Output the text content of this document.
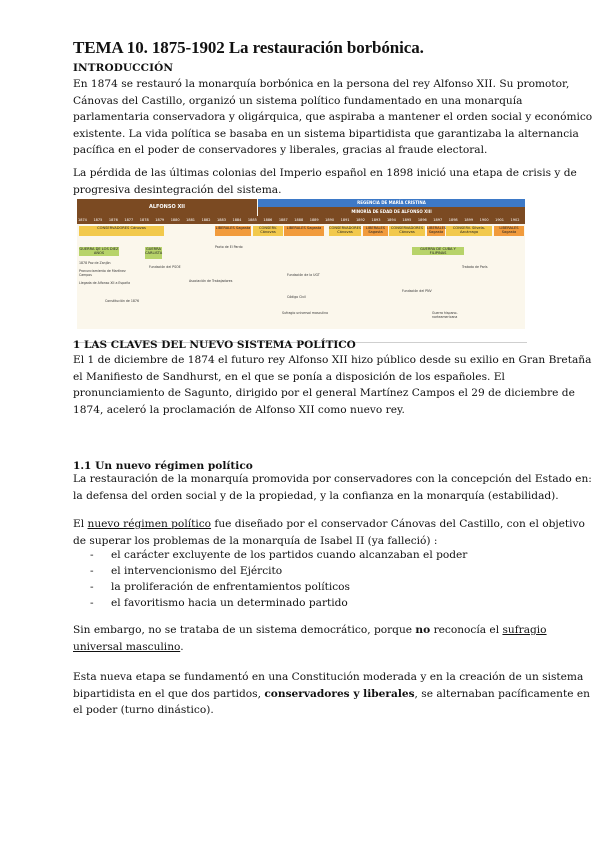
TEMA 10. 1875-1902 La restauración borbónica.
INTRODUCCIÓN
En 1874 se restauró la monarquía borbónica en la persona del rey Alfonso XII. Su promotor,
Cánovas del Castillo, organizó un sistema político fundamentado en una monarquía
parlamentaria conservadora y oligárquica, que aspiraba a mantener el orden social y económico
existente. La vida política se basaba en un sistema bipartidista que garantizaba la alternancia
pacífica en el poder de conservadores y liberales, gracias al fraude electoral.
La pérdida de las últimas colonias del Imperio español en 1898 inició una etapa de crisis y de
progresiva desintegración del sistema.
ALFONSO XII
REGENCIA DE MARÍA CRISTINA
MINORÍA DE EDAD DE ALFONSO XIII
1874 1875 1876 1877 1878 1879 1880 1881 1882 1883 1884 1885 1886 1887 1888 1889 1890 1891 1892 1893 1894 1895 1896 1897 1898 1899 1900 1901 1902
CONSERVADORES Cánovas	LIBERALES Sagasta	CONSERV. Cánovas
LIBERALES Sagasta	CONSERVADORES Cánovas
LIBERALES Sagasta
CONSERVADORES Cánovas
LIBERALES Sagasta
CONSERV. Silvela-Azcárraga
LIBERALES Sagasta
GUERRA DE LOS DIEZ AÑOS
GUERRA CARLISTA
1878 Paz de Zanjón
Pronunciamiento de Martínez Campos
Llegada de Alfonso XII a España
Constitución de 1876
Fundación del PSOE
Asociación de Trabajadores
Pacto de El Pardo
Código Civil
Sufragio universal masculino
Fundación de la UGT
Fundación del PNV
GUERRA DE CUBA Y FILIPINAS
Tratado de París
Guerra hispano-norteamericana
1 LAS CLAVES DEL NUEVO SISTEMA POLÍTICO
El 1 de diciembre de 1874 el futuro rey Alfonso XII hizo público desde su exilio en Gran Bretaña
el Manifiesto de Sandhurst, en el que se ponía a disposición de los españoles. El
pronunciamiento de Sagunto, dirigido por el general Martínez Campos el 29 de diciembre de
1874, aceleró la proclamación de Alfonso XII como nuevo rey.
1.1 Un nuevo régimen político
La restauración de la monarquía promovida por conservadores con la concepción del Estado en:
la defensa del orden social y de la propiedad, y la confianza en la monarquía (estabilidad).
El nuevo régimen político fue diseñado por el conservador Cánovas del Castillo, con el objetivo
de superar los problemas de la monarquía de Isabel II (ya falleció) :
- el carácter excluyente de los partidos cuando alcanzaban el poder
- el intervencionismo del Ejército
- la proliferación de enfrentamientos políticos
- el favoritismo hacia un determinado partido
Sin embargo, no se trataba de un sistema democrático, porque no reconocía el sufragio
universal masculino.
Esta nueva etapa se fundamentó en una Constitución moderada y en la creación de un sistema
bipartidista en el que dos partidos, conservadores y liberales, se alternaban pacíficamente en
el poder (turno dinástico).
